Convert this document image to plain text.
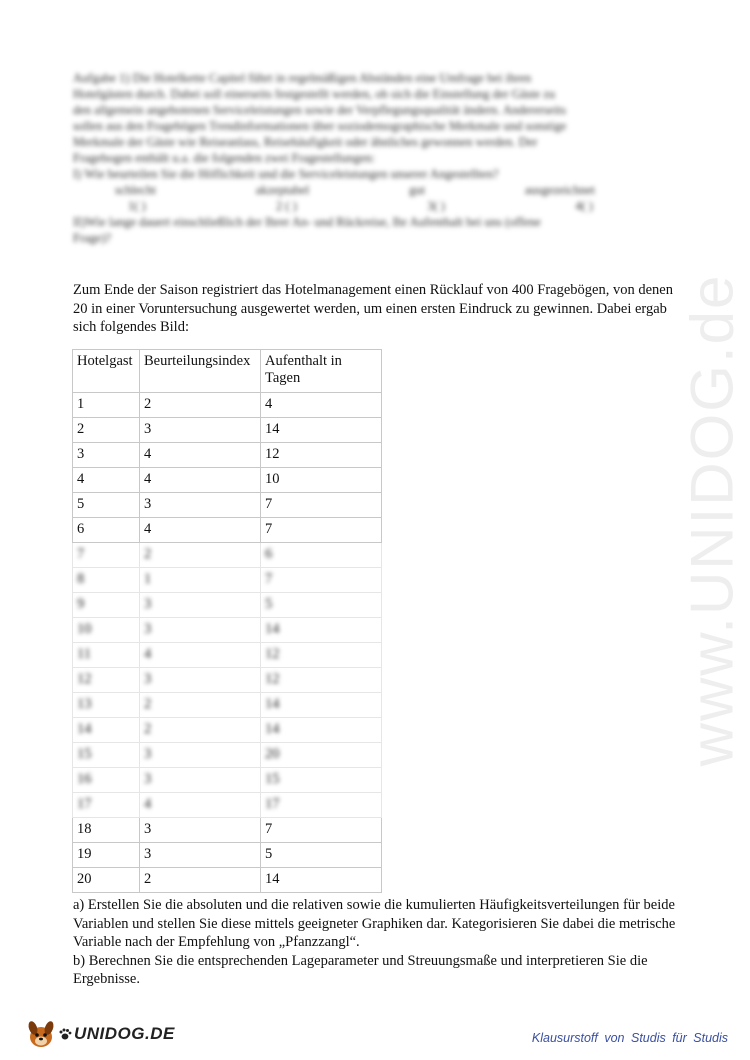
www.UNIDOG.de
Aufgabe 1) Die Hotelkette Capitel führt in regelmäßigen Abständen eine Umfrage bei ihren
Hotelgästen durch. Dabei soll einerseits festgestellt werden, ob sich die Einstellung der Gäste zu
den allgemein angebotenen Serviceleistungen sowie der Verpflegungsqualität ändern. Andererseits
sollen aus den Fragebögen Trendinformationen über soziodemographische Merkmale und sonstige
Merkmale der Gäste wie Reiseanlass, Reisehäufigkeit oder ähnliches gewonnen werden. Der
Fragebogen enthält u.a. die folgenden zwei Fragestellungen:
I) Wie beurteilen Sie die Höflichkeit und die Serviceleistungen unserer Angestellten?
schlecht	akzeptabel	gut	ausgezeichnet
1( )	2 ( )	3( )	4( )
II)Wie lange dauert einschließlich der Ihrer An- und Rückreise, Ihr Aufenthalt bei uns (offene
Frage)?
Zum Ende der Saison registriert das Hotelmanagement einen Rücklauf von 400 Fragebögen, von denen 20 in einer Voruntersuchung ausgewertet werden, um einen ersten Eindruck zu gewinnen. Dabei ergab sich folgendes Bild:
Hotelgast	Beurteilungsindex	Aufenthalt in Tagen
1	2	4
2	3	14
3	4	12
4	4	10
5	3	7
6	4	7
7	2	6
8	1	7
9	3	5
10	3	14
11	4	12
12	3	12
13	2	14
14	2	14
15	3	20
16	3	15
17	4	17
18	3	7
19	3	5
20	2	14

a) Erstellen Sie die absoluten und die relativen sowie die kumulierten Häufigkeitsverteilungen für beide Variablen und stellen Sie diese mittels geeigneter Graphiken dar. Kategorisieren Sie dabei die metrische Variable nach der Empfehlung von „Pfanzzangl“.

b) Berechnen Sie die entsprechenden Lageparameter und Streuungsmaße und interpretieren Sie die Ergebnisse.

UNIDOG.DE	Klausurstoff von Studis für Studis
